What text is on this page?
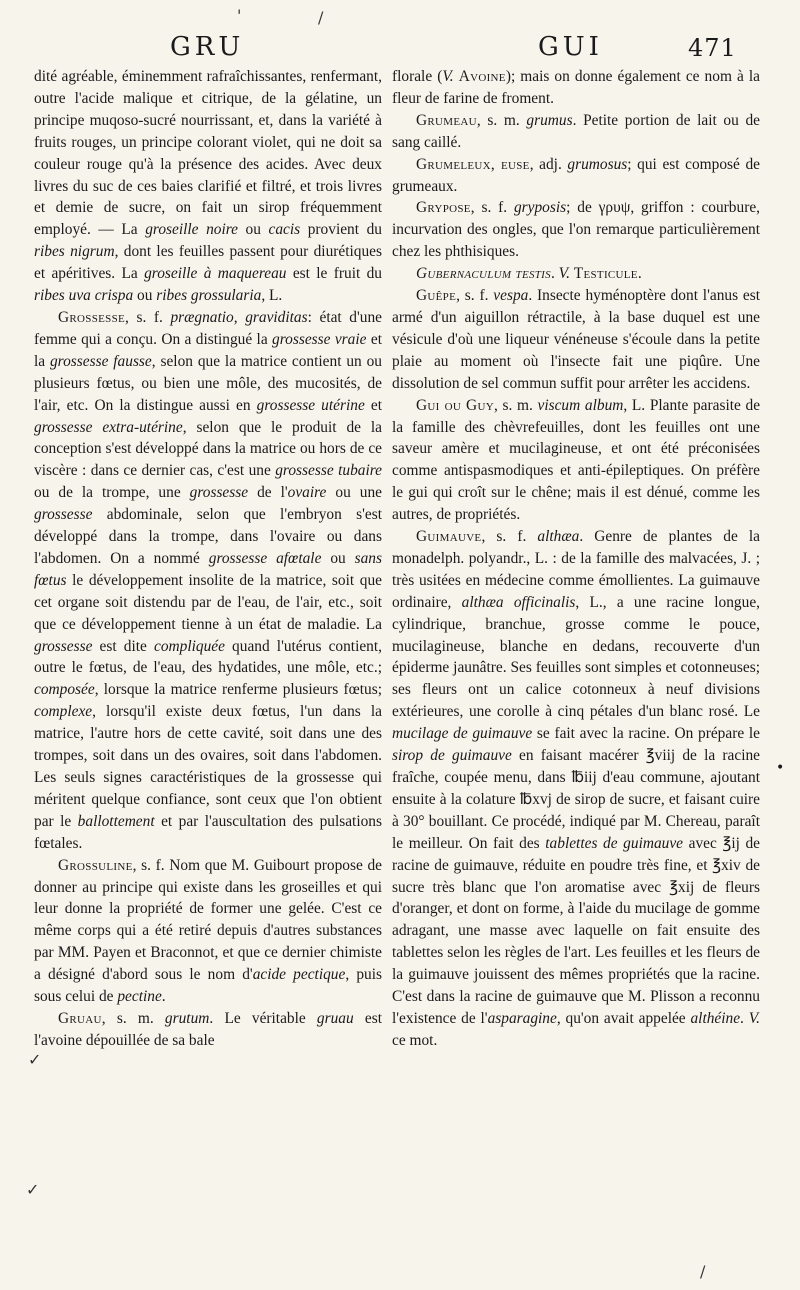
'	/
GRU	GUI	471

dité agréable, éminemment rafraîchissantes, renfermant, outre l'acide malique et citrique, de la gélatine, un principe muqoso-sucré nourrissant, et, dans la variété à fruits rouges, un principe colorant violet, qui ne doit sa couleur rouge qu'à la présence des acides. Avec deux livres du suc de ces baies clarifié et filtré, et trois livres et demie de sucre, on fait un sirop fréquemment employé. — La groseille noire ou cacis provient du ribes nigrum, dont les feuilles passent pour diurétiques et apéritives. La groseille à maquereau est le fruit du ribes uva crispa ou ribes grossularia, L.

Grossesse, s. f. prægnatio, graviditas: état d'une femme qui a conçu. On a distingué la grossesse vraie et la grossesse fausse, selon que la matrice contient un ou plusieurs fœtus, ou bien une môle, des mucosités, de l'air, etc. On la distingue aussi en grossesse utérine et grossesse extra-utérine, selon que le produit de la conception s'est développé dans la matrice ou hors de ce viscère : dans ce dernier cas, c'est une grossesse tubaire ou de la trompe, une grossesse de l'ovaire ou une grossesse abdominale, selon que l'embryon s'est développé dans la trompe, dans l'ovaire ou dans l'abdomen. On a nommé grossesse afœtale ou sans fœtus le développement insolite de la matrice, soit que cet organe soit distendu par de l'eau, de l'air, etc., soit que ce développement tienne à un état de maladie. La grossesse est dite compliquée quand l'utérus contient, outre le fœtus, de l'eau, des hydatides, une môle, etc.; composée, lorsque la matrice renferme plusieurs fœtus; complexe, lorsqu'il existe deux fœtus, l'un dans la matrice, l'autre hors de cette cavité, soit dans une des trompes, soit dans un des ovaires, soit dans l'abdomen. Les seuls signes caractéristiques de la grossesse qui méritent quelque confiance, sont ceux que l'on obtient par le ballottement et par l'auscultation des pulsations fœtales.

Grossuline, s. f. Nom que M. Guibourt propose de donner au principe qui existe dans les groseilles et qui leur donne la propriété de former une gelée. C'est ce même corps qui a été retiré depuis d'autres substances par MM. Payen et Braconnot, et que ce dernier chimiste a désigné d'abord sous le nom d'acide pectique, puis sous celui de pectine.

Gruau, s. m. grutum. Le véritable gruau est l'avoine dépouillée de sa bale

✓
✓

florale (V. Avoine); mais on donne également ce nom à la fleur de farine de froment.

Grumeau, s. m. grumus. Petite portion de lait ou de sang caillé.

Grumeleux, euse, adj. grumosus; qui est composé de grumeaux.

Grypose, s. f. gryposis; de γρυψ, griffon : courbure, incurvation des ongles, que l'on remarque particulièrement chez les phthisiques.

Gubernaculum testis. V. Testicule.

Guêpe, s. f. vespa. Insecte hyménoptère dont l'anus est armé d'un aiguillon rétractile, à la base duquel est une vésicule d'où une liqueur vénéneuse s'écoule dans la petite plaie au moment où l'insecte fait une piqûre. Une dissolution de sel commun suffit pour arrêter les accidens.

Gui ou Guy, s. m. viscum album, L. Plante parasite de la famille des chèvrefeuilles, dont les feuilles ont une saveur amère et mucilagineuse, et ont été préconisées comme antispasmodiques et anti-épileptiques. On préfère le gui qui croît sur le chêne; mais il est dénué, comme les autres, de propriétés.

Guimauve, s. f. althæa. Genre de plantes de la monadelph. polyandr., L. : de la famille des malvacées, J. ; très usitées en médecine comme émollientes. La guimauve ordinaire, althæa officinalis, L., a une racine longue, cylindrique, branchue, grosse comme le pouce, mucilagineuse, blanche en dedans, recouverte d'un épiderme jaunâtre. Ses feuilles sont simples et cotonneuses; ses fleurs ont un calice cotonneux à neuf divisions extérieures, une corolle à cinq pétales d'un blanc rosé. Le mucilage de guimauve se fait avec la racine. On prépare le sirop de guimauve en faisant macérer ℥viij de la racine fraîche, coupée menu, dans ℔iij d'eau commune, ajoutant ensuite à la colature ℔xvj de sirop de sucre, et faisant cuire à 30° bouillant. Ce procédé, indiqué par M. Chereau, paraît le meilleur. On fait des tablettes de guimauve avec ℥ij de racine de guimauve, réduite en poudre très fine, et ℥xiv de sucre très blanc que l'on aromatise avec ℥xij de fleurs d'oranger, et dont on forme, à l'aide du mucilage de gomme adragant, une masse avec laquelle on fait ensuite des tablettes selon les règles de l'art. Les feuilles et les fleurs de la guimauve jouissent des mêmes propriétés que la racine. C'est dans la racine de guimauve que M. Plisson a reconnu l'existence de l'asparagine, qu'on avait appelée althéine. V. ce mot.

•
/
